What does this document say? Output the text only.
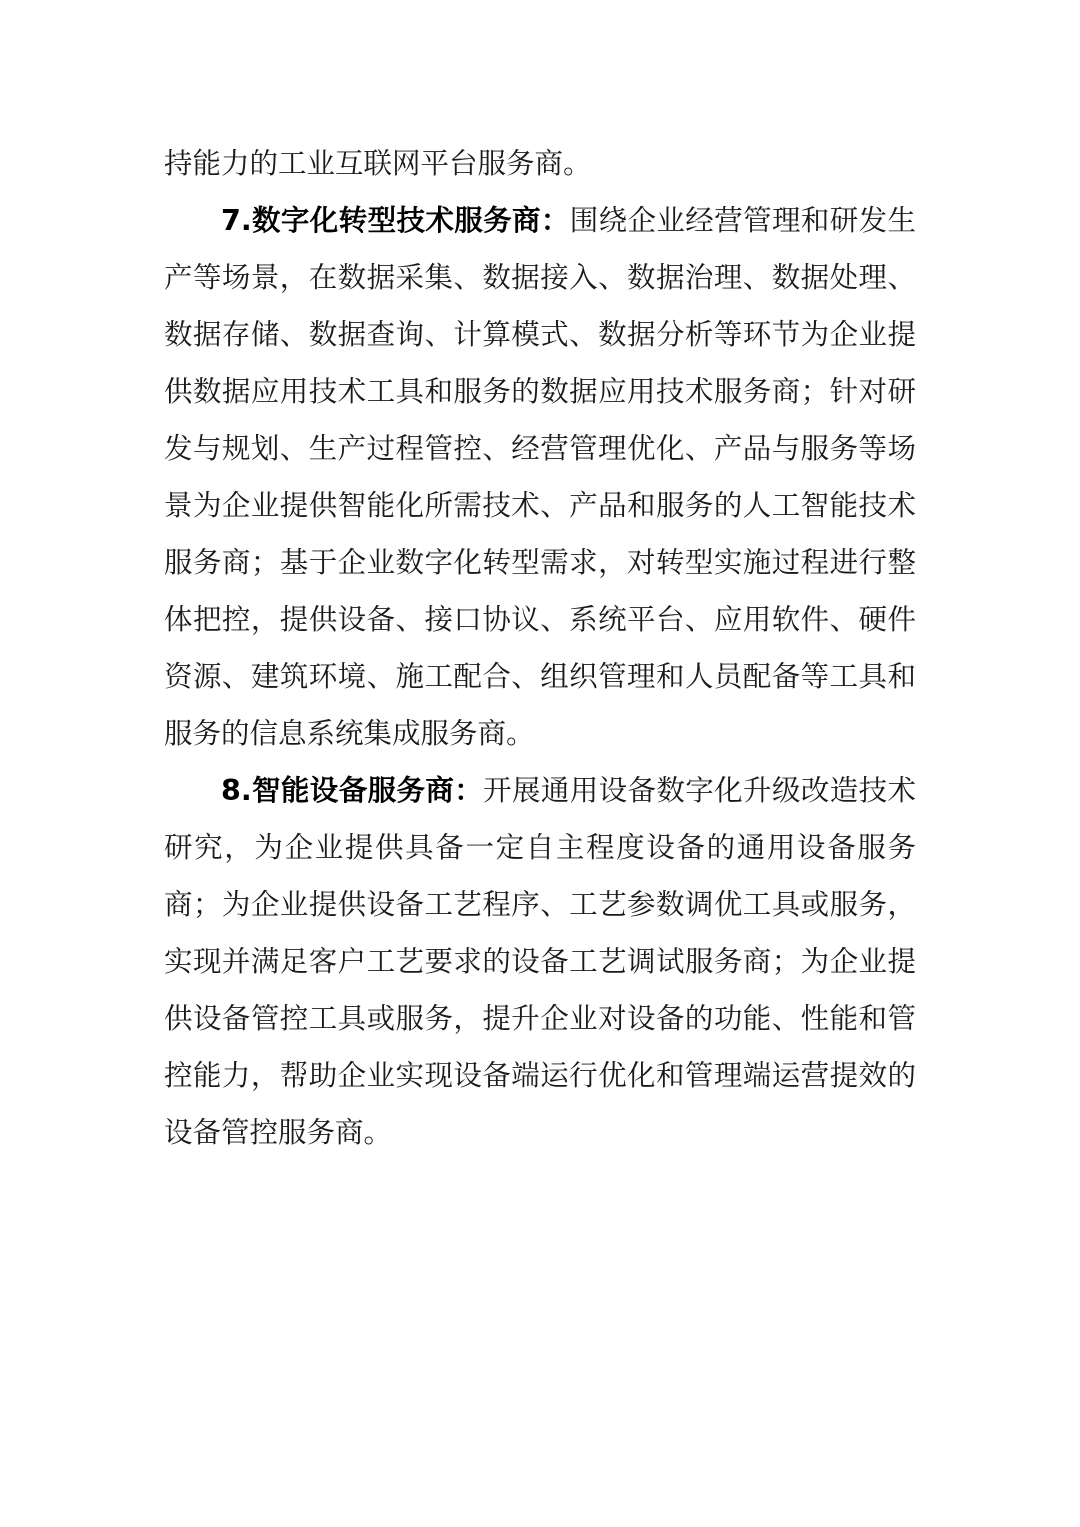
持能力的工业互联网平台服务商。

7.数字化转型技术服务商：围绕企业经营管理和研发生产等场景，在数据采集、数据接入、数据治理、数据处理、数据存储、数据查询、计算模式、数据分析等环节为企业提供数据应用技术工具和服务的数据应用技术服务商；针对研发与规划、生产过程管控、经营管理优化、产品与服务等场景为企业提供智能化所需技术、产品和服务的人工智能技术服务商；基于企业数字化转型需求，对转型实施过程进行整体把控，提供设备、接口协议、系统平台、应用软件、硬件资源、建筑环境、施工配合、组织管理和人员配备等工具和服务的信息系统集成服务商。

8.智能设备服务商：开展通用设备数字化升级改造技术研究，为企业提供具备一定自主程度设备的通用设备服务商；为企业提供设备工艺程序、工艺参数调优工具或服务，实现并满足客户工艺要求的设备工艺调试服务商；为企业提供设备管控工具或服务，提升企业对设备的功能、性能和管控能力，帮助企业实现设备端运行优化和管理端运营提效的设备管控服务商。
